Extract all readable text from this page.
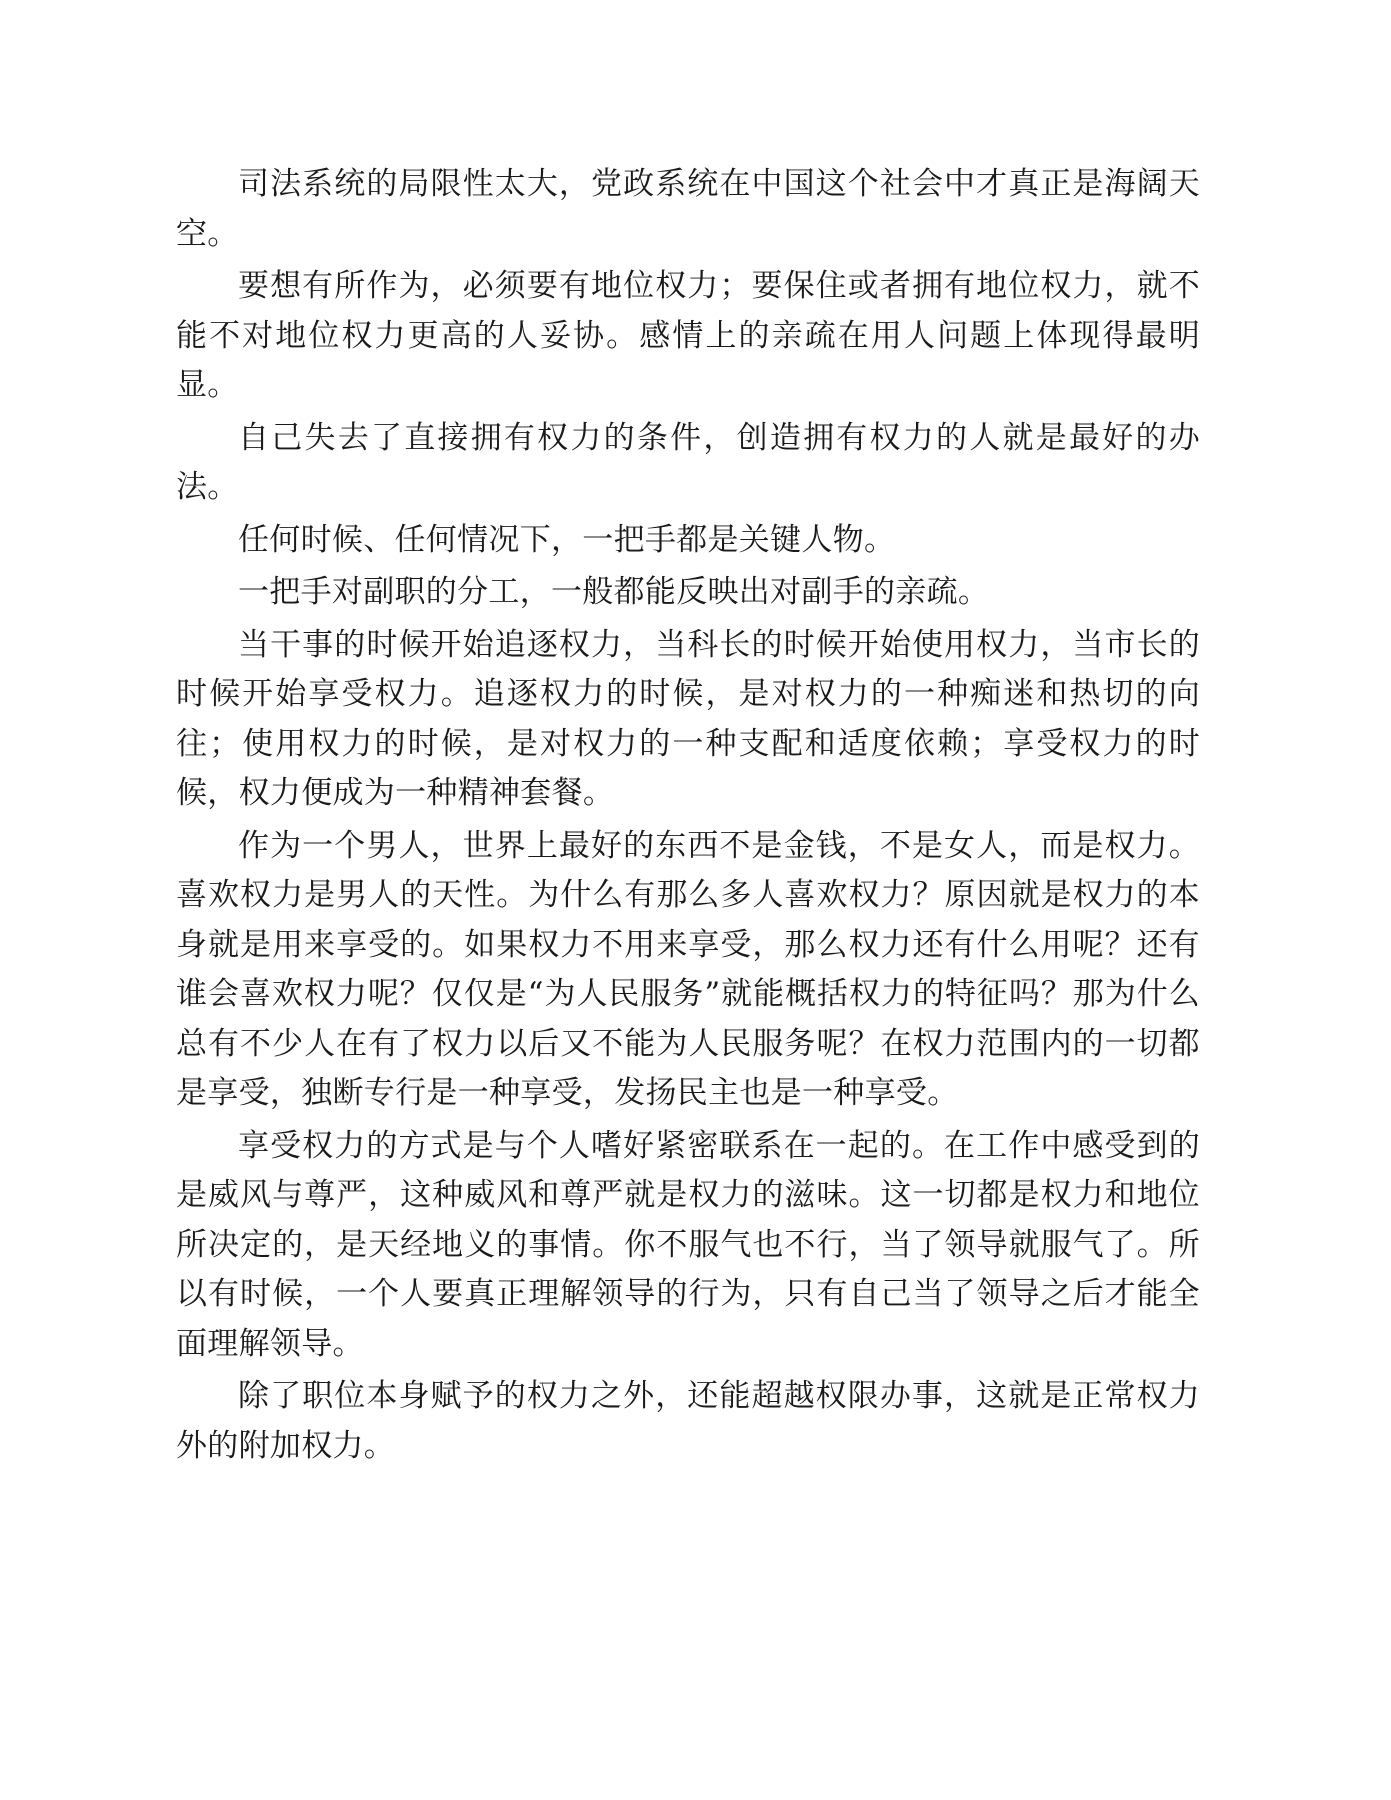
司法系统的局限性太大，党政系统在中国这个社会中才真正是海阔天空。

要想有所作为，必须要有地位权力；要保住或者拥有地位权力，就不能不对地位权力更高的人妥协。感情上的亲疏在用人问题上体现得最明显。

自己失去了直接拥有权力的条件，创造拥有权力的人就是最好的办法。

任何时候、任何情况下，一把手都是关键人物。

一把手对副职的分工，一般都能反映出对副手的亲疏。

当干事的时候开始追逐权力，当科长的时候开始使用权力，当市长的时候开始享受权力。追逐权力的时候，是对权力的一种痴迷和热切的向往；使用权力的时候，是对权力的一种支配和适度依赖；享受权力的时候，权力便成为一种精神套餐。

作为一个男人，世界上最好的东西不是金钱，不是女人，而是权力。喜欢权力是男人的天性。为什么有那么多人喜欢权力？原因就是权力的本身就是用来享受的。如果权力不用来享受，那么权力还有什么用呢？还有谁会喜欢权力呢？仅仅是“为人民服务”就能概括权力的特征吗？那为什么总有不少人在有了权力以后又不能为人民服务呢？在权力范围内的一切都是享受，独断专行是一种享受，发扬民主也是一种享受。

享受权力的方式是与个人嗜好紧密联系在一起的。在工作中感受到的是威风与尊严，这种威风和尊严就是权力的滋味。这一切都是权力和地位所决定的，是天经地义的事情。你不服气也不行，当了领导就服气了。所以有时候，一个人要真正理解领导的行为，只有自己当了领导之后才能全面理解领导。

除了职位本身赋予的权力之外，还能超越权限办事，这就是正常权力外的附加权力。
